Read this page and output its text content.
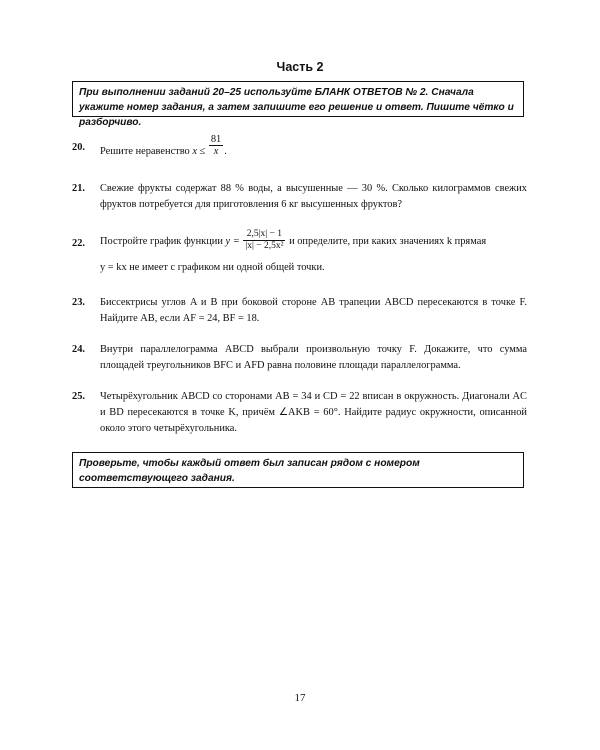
Часть 2
При выполнении заданий 20–25 используйте БЛАНК ОТВЕТОВ № 2. Сначала укажите номер задания, а затем запишите его решение и ответ. Пишите чётко и разборчиво.
20.	Решите неравенство $x \le \frac{81}{x}$ .
21.	Свежие фрукты содержат 88 % воды, а высушенные — 30 %. Сколько килограммов свежих фруктов потребуется для приготовления 6 кг высушенных фруктов?
22.	Постройте график функции $y = \frac{2,5|x| - 1}{\text{|x| − 2,5x²}}$ и определите, при каких значениях k прямая
y = kx не имеет с графиком ни одной общей точки.
23.	Биссектрисы углов A и B при боковой стороне AB трапеции ABCD пересекаются в точке F. Найдите AB, если AF = 24, BF = 18.
24.	Внутри параллелограмма ABCD выбрали произвольную точку F. Докажите, что сумма площадей треугольников BFC и AFD равна половине площади параллелограмма.
25.	Четырёхугольник ABCD со сторонами AB = 34 и CD = 22 вписан в окружность. Диагонали AC и BD пересекаются в точке K, причём ∠AKB = 60°. Найдите радиус окружности, описанной около этого четырёхугольника.
Проверьте, чтобы каждый ответ был записан рядом с номером соответствующего задания.
17
